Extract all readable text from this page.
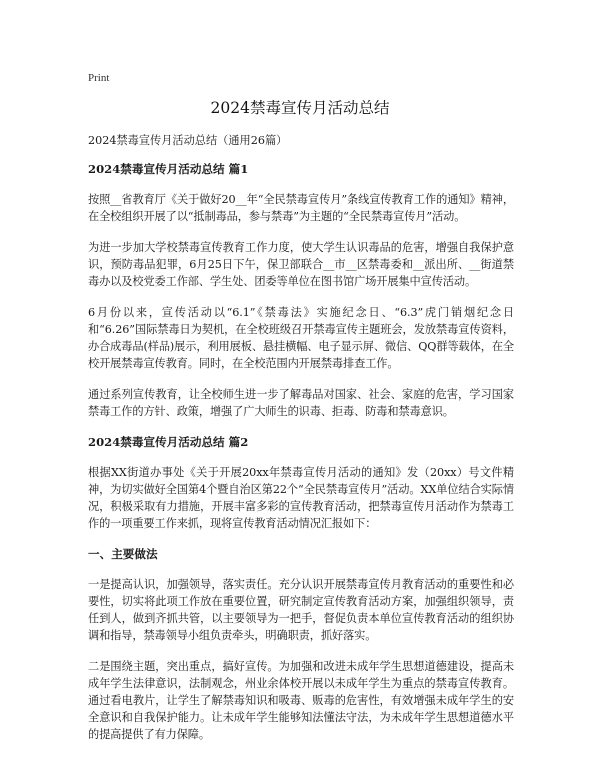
Print
2024禁毒宣传月活动总结
2024禁毒宣传月活动总结（通用26篇）
2024禁毒宣传月活动总结 篇1

按照__省教育厅《关于做好20__年“全民禁毒宣传月”条线宣传教育工作的通知》精神，在全校组织开展了以“抵制毒品，参与禁毒”为主题的“全民禁毒宣传月”活动。

为进一步加大学校禁毒宣传教育工作力度，使大学生认识毒品的危害，增强自我保护意识，预防毒品犯罪，6月25日下午，保卫部联合__市__区禁毒委和__派出所、__街道禁毒办以及校党委工作部、学生处、团委等单位在图书馆广场开展集中宣传活动。

6月份以来，宣传活动以“6.1”《禁毒法》实施纪念日、“6.3”虎门销烟纪念日和“6.26”国际禁毒日为契机，在全校班级召开禁毒宣传主题班会，发放禁毒宣传资料，办合成毒品(样品)展示，利用展板、悬挂横幅、电子显示屏、微信、QQ群等载体，在全校开展禁毒宣传教育。同时，在全校范围内开展禁毒排查工作。

通过系列宣传教育，让全校师生进一步了解毒品对国家、社会、家庭的危害，学习国家禁毒工作的方针、政策，增强了广大师生的识毒、拒毒、防毒和禁毒意识。

2024禁毒宣传月活动总结 篇2

根据XX街道办事处《关于开展20xx年禁毒宣传月活动的通知》发（20xx）号文件精神，为切实做好全国第4个暨自治区第22个“全民禁毒宣传月”活动。XX单位结合实际情况，积极采取有力措施，开展丰富多彩的宣传教育活动，把禁毒宣传月活动作为禁毒工作的一项重要工作来抓，现将宣传教育活动情况汇报如下：

一、主要做法

一是提高认识，加强领导，落实责任。充分认识开展禁毒宣传月教育活动的重要性和必要性，切实将此项工作放在重要位置，研究制定宣传教育活动方案，加强组织领导，责任到人，做到齐抓共管，以主要领导为一把手，督促负责本单位宣传教育活动的组织协调和指导，禁毒领导小组负责牵头，明确职责，抓好落实。

二是围绕主题，突出重点，搞好宣传。为加强和改进未成年学生思想道德建设，提高未成年学生法律意识，法制观念，州业余体校开展以未成年学生为重点的禁毒宣传教育。通过看电教片，让学生了解禁毒知识和吸毒、贩毒的危害性，有效增强未成年学生的安全意识和自我保护能力。让未成年学生能够知法懂法守法，为未成年学生思想道德水平的提高提供了有力保障。
